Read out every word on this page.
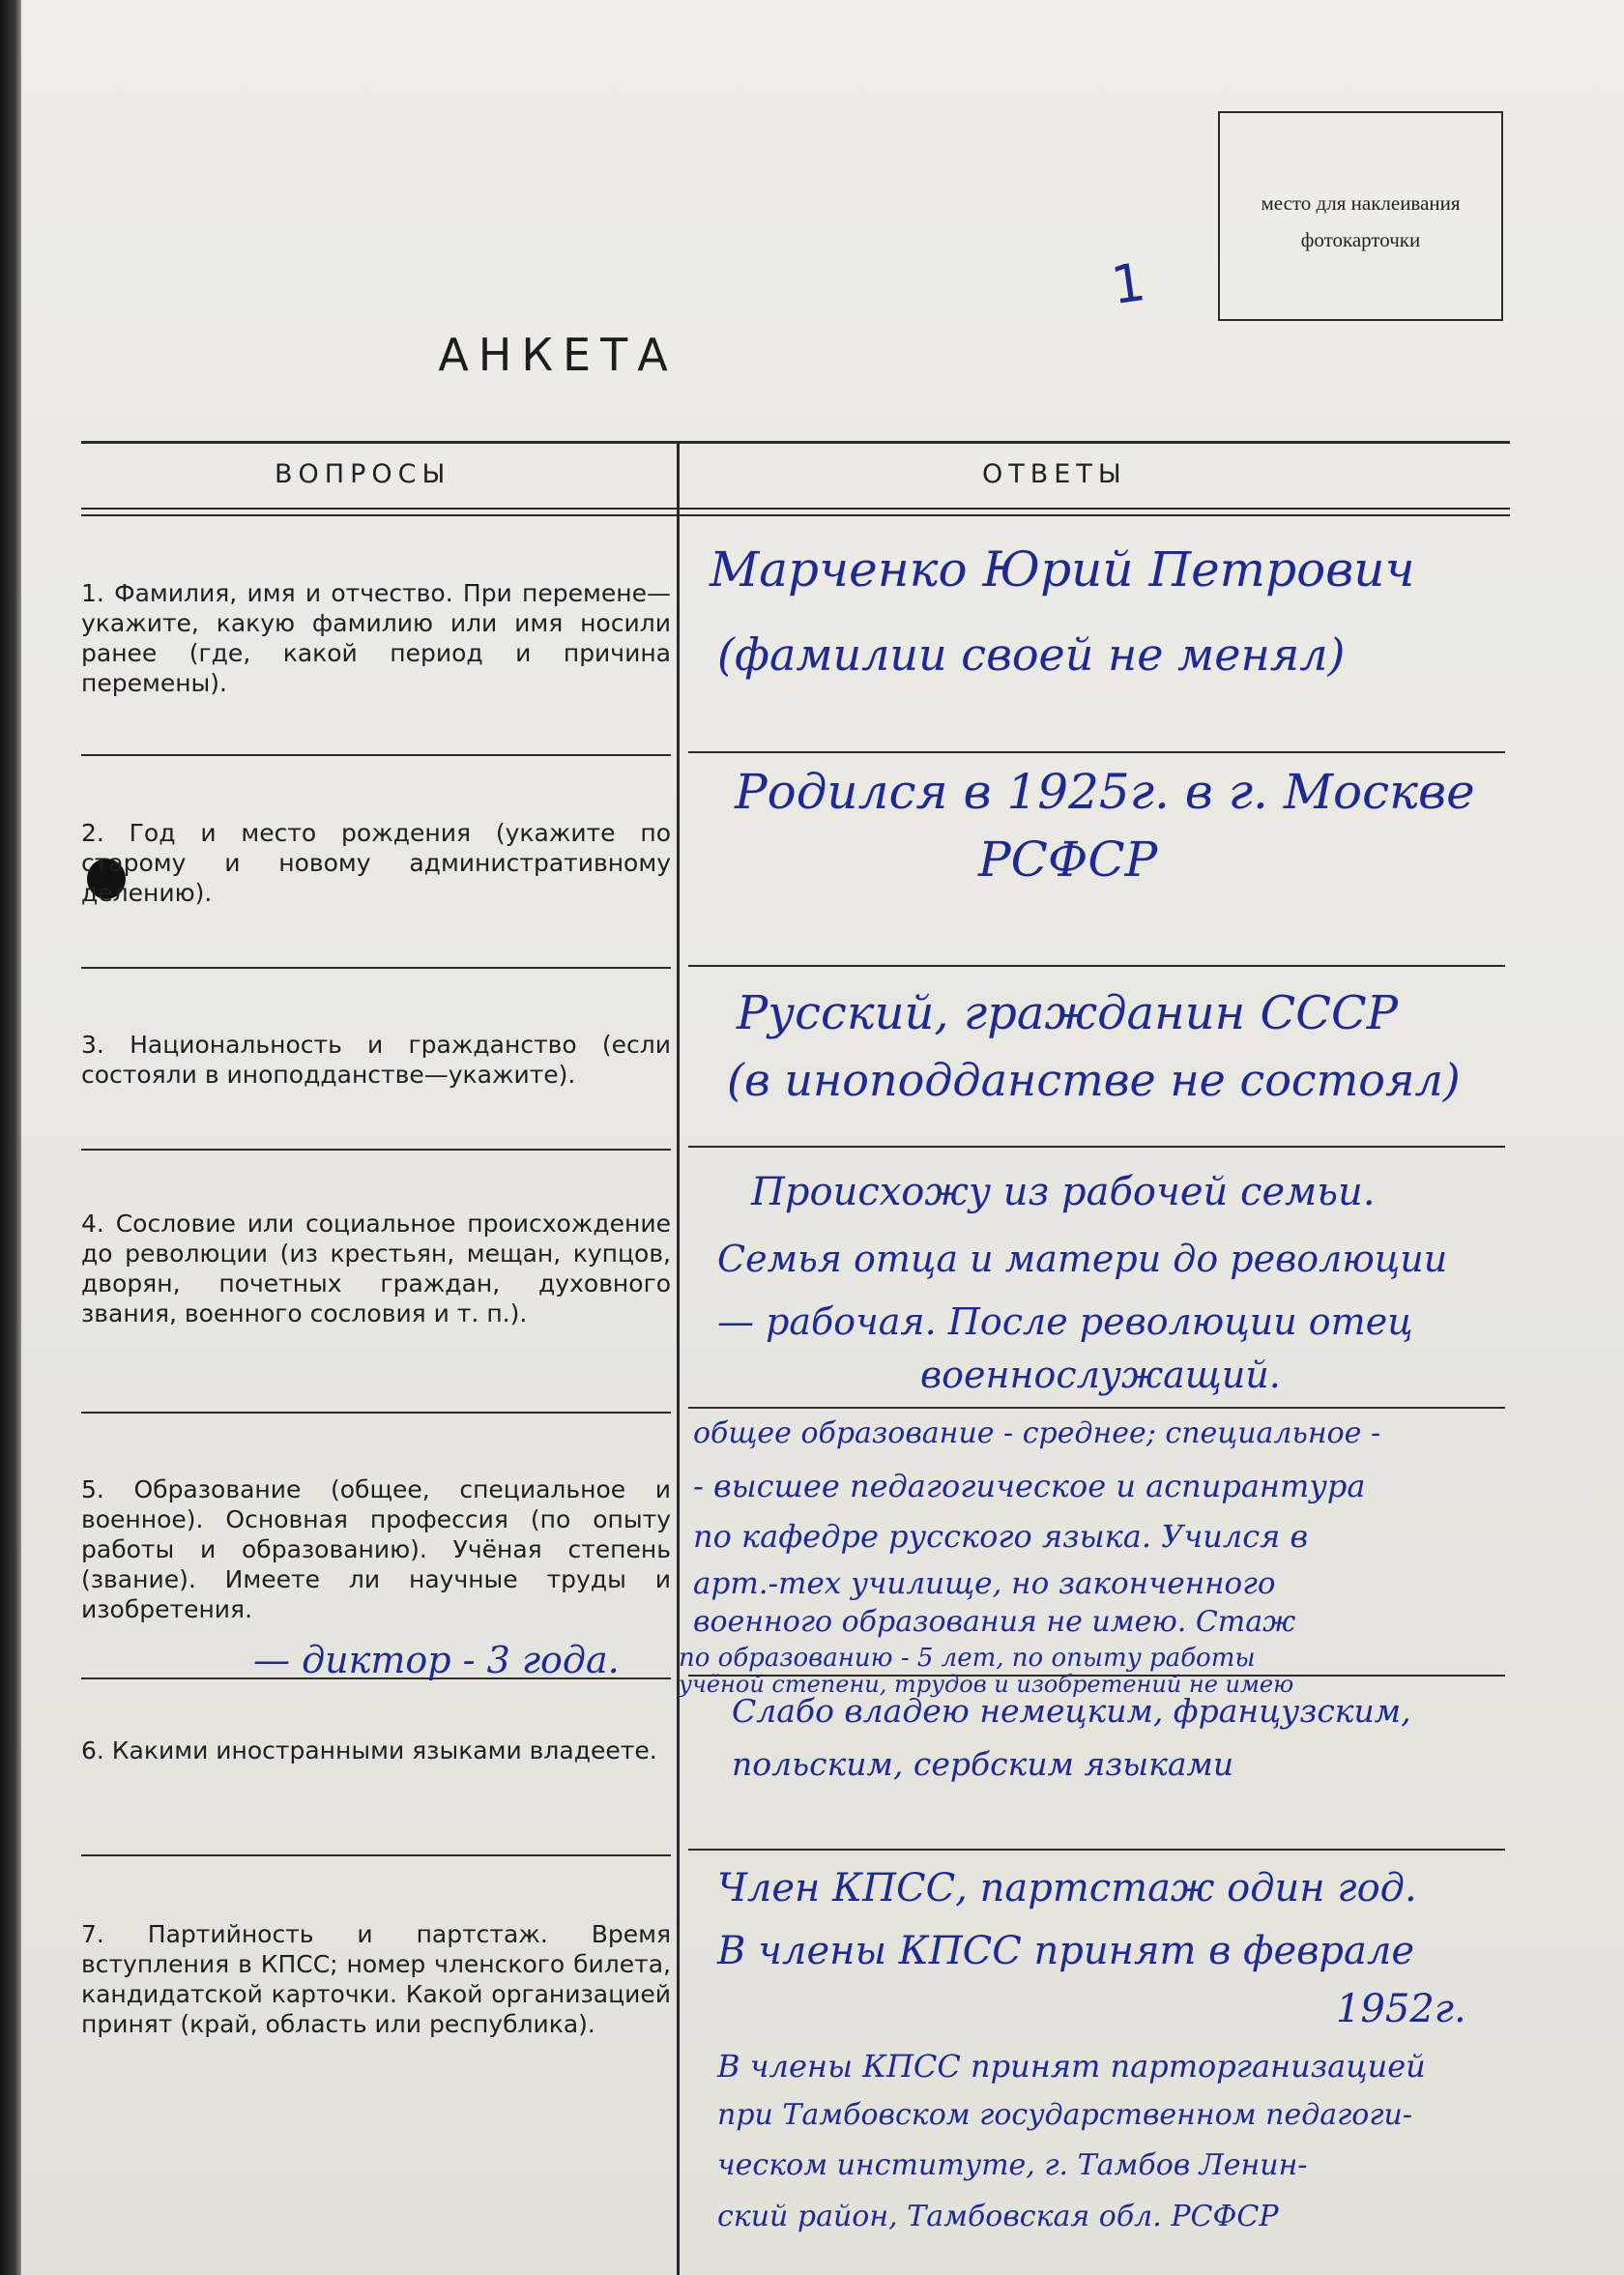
место для наклеивания
фотокарточки
1
АНКЕТА
ВОПРОСЫ	ОТВЕТЫ
1. Фамилия, имя и отчество. При перемене—укажите, какую фамилию или имя носили ранее (где, какой период и причина перемены).
2. Год и место рождения (укажите по старому и новому административному делению).
3. Национальность и гражданство (если состояли в иноподданстве—укажите).
4. Сословие или социальное происхождение до революции (из крестьян, мещан, купцов, дворян, почетных граждан, духовного звания, военного сословия и т. п.).
5. Образование (общее, специальное и военное). Основная профессия (по опыту работы и образованию). Учёная степень (звание). Имеете ли научные труды и изобретения.
— диктор - 3 года.
6. Какими иностранными языками владеете.
7. Партийность и партстаж. Время вступления в КПСС; номер членского билета, кандидатской карточки. Какой организацией принят (край, область или республика).
Марченко Юрий Петрович
(фамилии своей не менял)
Родился в 1925г. в г. Москве
РСФСР
Русский, гражданин СССР
(в иноподданстве не состоял)
Происхожу из рабочей семьи.
Семья отца и матери до революции
— рабочая. После революции отец
военнослужащий.
общее образование - среднее; специальное -
- высшее педагогическое и аспирантура
по кафедре русского языка. Учился в
арт.-тех училище, но законченного
военного образования не имею. Стаж
по образованию - 5 лет, по опыту работы
учёной степени, трудов и изобретений не имею
Слабо владею немецким, французским,
польским, сербским языками
Член КПСС, партстаж один год.
В члены КПСС принят в феврале
1952г.
В члены КПСС принят партоpганизацией
при Тамбовском государственном педагоги-
ческом институте, г. Тамбов Ленин-
ский район, Тамбовская обл. РСФСР
